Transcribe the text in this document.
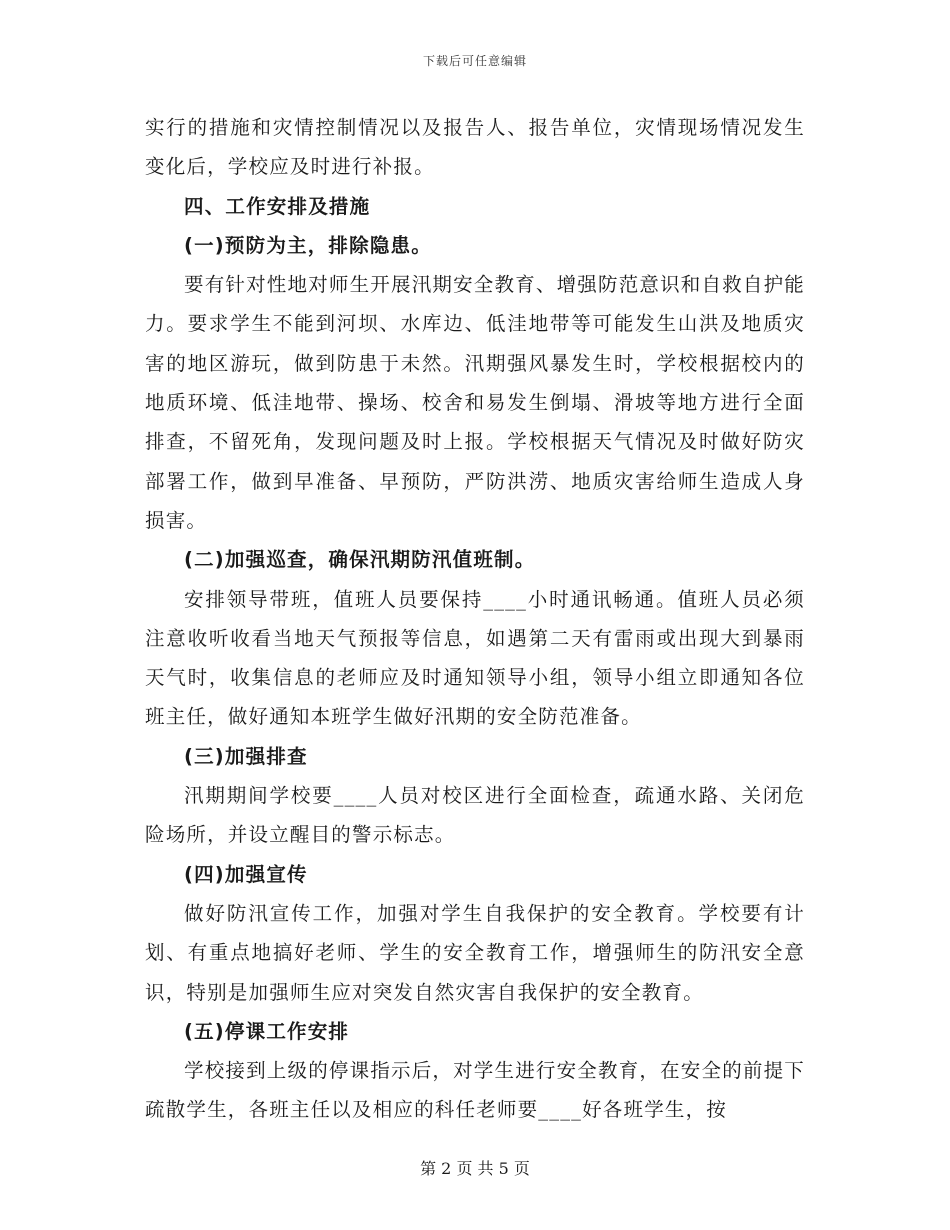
下载后可任意编辑

实行的措施和灾情控制情况以及报告人、报告单位，灾情现场情况发生变化后，学校应及时进行补报。

四、工作安排及措施

(一)预防为主，排除隐患。

要有针对性地对师生开展汛期安全教育、增强防范意识和自救自护能力。要求学生不能到河坝、水库边、低洼地带等可能发生山洪及地质灾害的地区游玩，做到防患于未然。汛期强风暴发生时，学校根据校内的地质环境、低洼地带、操场、校舍和易发生倒塌、滑坡等地方进行全面排查，不留死角，发现问题及时上报。学校根据天气情况及时做好防灾部署工作，做到早准备、早预防，严防洪涝、地质灾害给师生造成人身损害。

(二)加强巡查，确保汛期防汛值班制。

安排领导带班，值班人员要保持____小时通讯畅通。值班人员必须注意收听收看当地天气预报等信息，如遇第二天有雷雨或出现大到暴雨天气时，收集信息的老师应及时通知领导小组，领导小组立即通知各位班主任，做好通知本班学生做好汛期的安全防范准备。

(三)加强排查

汛期期间学校要____人员对校区进行全面检查，疏通水路、关闭危险场所，并设立醒目的警示标志。

(四)加强宣传

做好防汛宣传工作，加强对学生自我保护的安全教育。学校要有计划、有重点地搞好老师、学生的安全教育工作，增强师生的防汛安全意识，特别是加强师生应对突发自然灾害自我保护的安全教育。

(五)停课工作安排

学校接到上级的停课指示后，对学生进行安全教育，在安全的前提下疏散学生，各班主任以及相应的科任老师要____好各班学生，按

第 2 页 共 5 页
